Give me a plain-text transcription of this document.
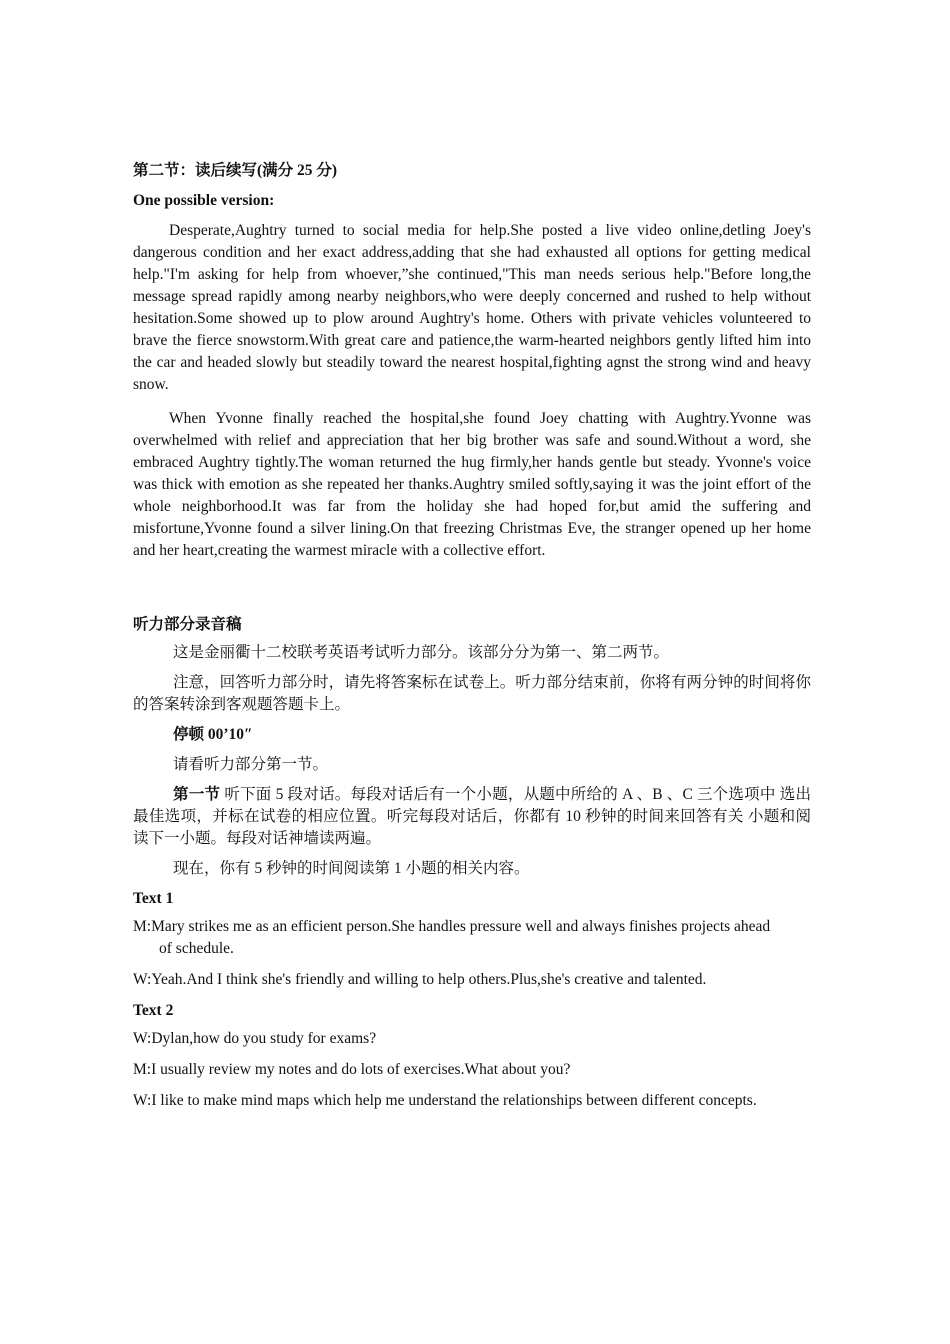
第二节：读后续写(满分 25 分)
One possible version:

Desperate,Aughtry turned to social media for help.She posted a live video online,detling Joey's dangerous condition and her exact address,adding that she had exhausted all options for getting medical help."I'm asking for help from whoever,”she continued,"This man needs serious help."Before long,the message spread rapidly among nearby neighbors,who were deeply concerned and rushed to help without hesitation.Some showed up to plow around Aughtry's home. Others with private vehicles volunteered to brave the fierce snowstorm.With great care and patience,the warm-hearted neighbors gently lifted him into the car and headed slowly but steadily toward the nearest hospital,fighting agnst the strong wind and heavy snow.

When Yvonne finally reached the hospital,she found Joey chatting with Aughtry.Yvonne was overwhelmed with relief and appreciation that her big brother was safe and sound.Without a word, she embraced Aughtry tightly.The woman returned the hug firmly,her hands gentle but steady. Yvonne's voice was thick with emotion as she repeated her thanks.Aughtry smiled softly,saying it was the joint effort of the whole neighborhood.It was far from the holiday she had hoped for,but amid the suffering and misfortune,Yvonne found a silver lining.On that freezing Christmas Eve, the stranger opened up her home and her heart,creating the warmest miracle with a collective effort.

听力部分录音稿

这是金丽衢十二校联考英语考试听力部分。该部分分为第一、第二两节。

注意，回答听力部分时，请先将答案标在试卷上。听力部分结束前，你将有两分钟的时间将你的答案转涂到客观题答题卡上。

停顿 00’10″

请看听力部分第一节。

第一节 听下面 5 段对话。每段对话后有一个小题，从题中所给的 A 、B 、C 三个选项中 选出最佳选项，并标在试卷的相应位置。听完每段对话后，你都有 10 秒钟的时间来回答有关 小题和阅读下一小题。每段对话神墙读两遍。

现在，你有 5 秒钟的时间阅读第 1 小题的相关内容。

Text 1

M:Mary strikes me as an efficient person.She handles pressure well and always finishes projects ahead of schedule.

W:Yeah.And I think she's friendly and willing to help others.Plus,she's creative and talented.

Text 2

W:Dylan,how do you study for exams?

M:I usually review my notes and do lots of exercises.What about you?

W:I like to make mind maps which help me understand the relationships between different concepts.
